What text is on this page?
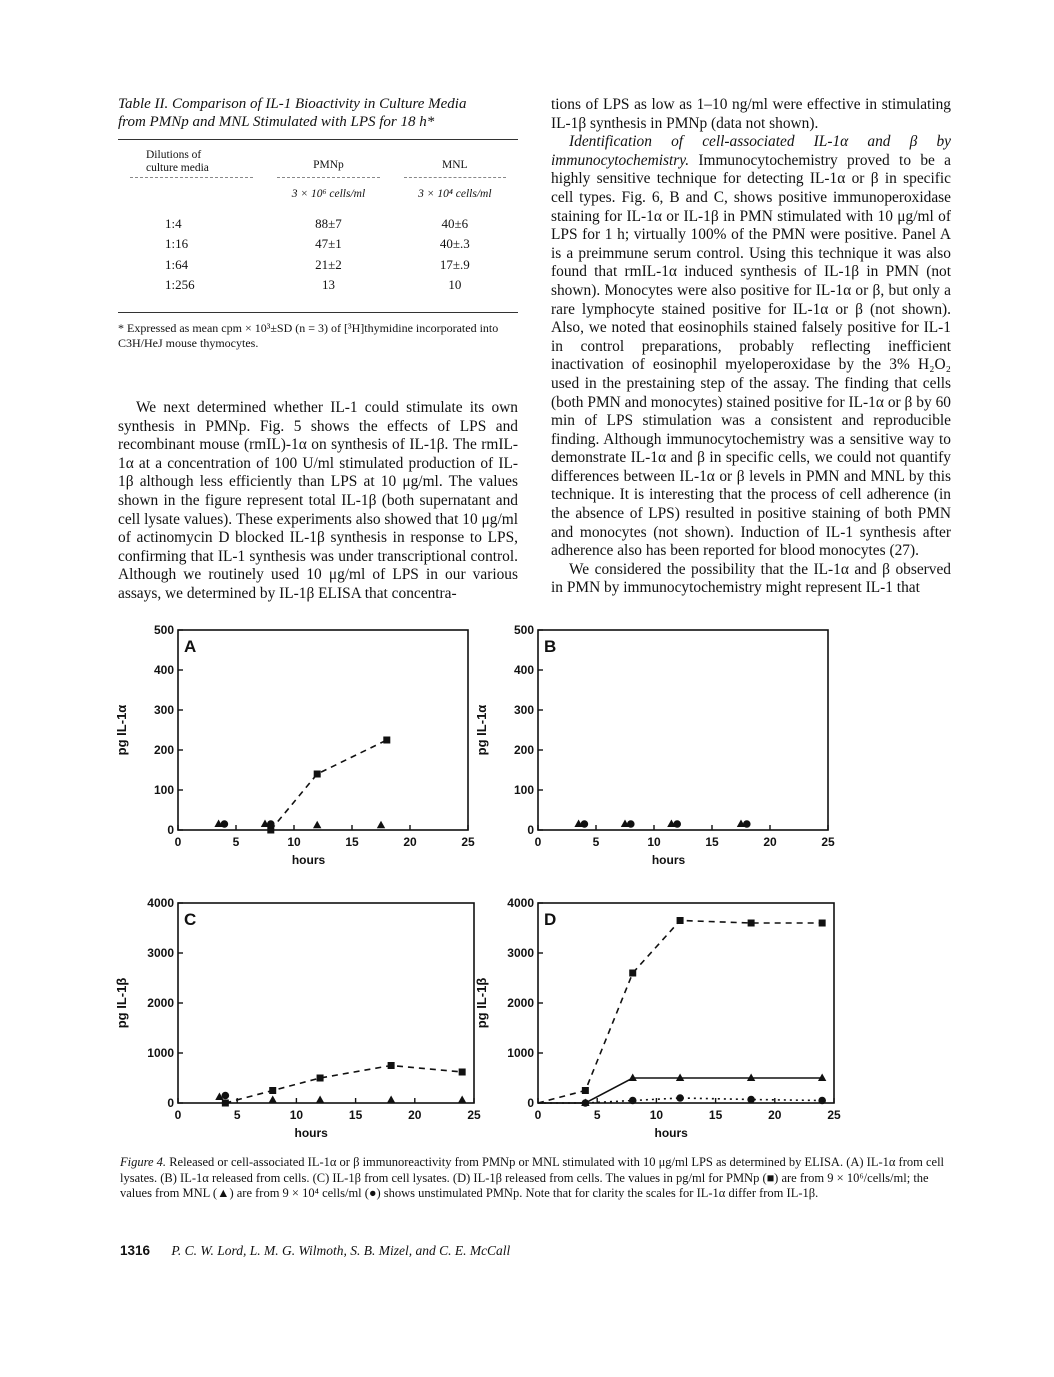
Table II. Comparison of IL-1 Bioactivity in Culture Media
from PMNp and MNL Stimulated with LPS for 18 h*
Dilutions of
culture media	PMNp	MNL

	3 × 10⁶ cells/ml	3 × 10⁴ cells/ml
1:4	88±7	40±6
1:16	47±1	40±.3
1:64	21±2	17±.9
1:256	13	10
* Expressed as mean cpm × 10³±SD (n = 3) of [³H]thymidine incorporated into C3H/HeJ mouse thymocytes.

We next determined whether IL-1 could stimulate its own synthesis in PMNp. Fig. 5 shows the effects of LPS and recombinant mouse (rmIL)-1α on synthesis of IL-1β. The rmIL-1α at a concentration of 100 U/ml stimulated production of IL-1β although less efficiently than LPS at 10 μg/ml. The values shown in the figure represent total IL-1β (both supernatant and cell lysate values). These experiments also showed that 10 μg/ml of actinomycin D blocked IL-1β synthesis in response to LPS, confirming that IL-1 synthesis was under transcriptional control. Although we routinely used 10 μg/ml of LPS in our various assays, we determined by IL-1β ELISA that concentra-

tions of LPS as low as 1–10 ng/ml were effective in stimulating IL-1β synthesis in PMNp (data not shown).

Identification of cell-associated IL-1α and β by immunocytochemistry. Immunocytochemistry proved to be a highly sensitive technique for detecting IL-1α or β in specific cell types. Fig. 6, B and C, shows positive immunoperoxidase staining for IL-1α or IL-1β in PMN stimulated with 10 μg/ml of LPS for 1 h; virtually 100% of the PMN were positive. Panel A is a preimmune serum control. Using this technique it was also found that rmIL-1α induced synthesis of IL-1β in PMN (not shown). Monocytes were also positive for IL-1α or β, but only a rare lymphocyte stained positive for IL-1α or β (not shown). Also, we noted that eosinophils stained falsely positive for IL-1 in control preparations, probably reflecting inefficient inactivation of eosinophil myeloperoxidase by the 3% H₂O₂ used in the prestaining step of the assay. The finding that cells (both PMN and monocytes) stained positive for IL-1α or β by 60 min of LPS stimulation was a consistent and reproducible finding. Although immunocytochemistry was a sensitive way to demonstrate IL-1α and β in specific cells, we could not quantify differences between IL-1α or β levels in PMN and MNL by this technique. It is interesting that the process of cell adherence (in the absence of LPS) resulted in positive staining of both PMN and monocytes (not shown). Induction of IL-1 synthesis after adherence also has been reported for blood monocytes (27).

We considered the possibility that the IL-1α and β observed in PMN by immunocytochemistry might represent IL-1 that

A
0
100
200
300
400
500
0	5	10	15	20	25
hours
pg IL-1α
B
0
100
200
300
400
500
0	5	10	15	20	25
hours
pg IL-1α
C
0
1000
2000
3000
4000
0	5	10	15	20	25
hours
pg IL-1β
D
0
1000
2000
3000
4000
0	5	10	15	20	25
hours
pg IL-1β
Figure 4. Released or cell-associated IL-1α or β immunoreactivity from PMNp or MNL stimulated with 10 μg/ml LPS as determined by ELISA. (A) IL-1α from cell lysates. (B) IL-1α released from cells. (C) IL-1β from cell lysates. (D) IL-1β released from cells. The values in pg/ml for PMNp (■) are from 9 × 10⁶/cells/ml; the values from MNL (▲) are from 9 × 10⁴ cells/ml (●) shows unstimulated PMNp. Note that for clarity the scales for IL-1α differ from IL-1β.
1316 P. C. W. Lord, L. M. G. Wilmoth, S. B. Mizel, and C. E. McCall
